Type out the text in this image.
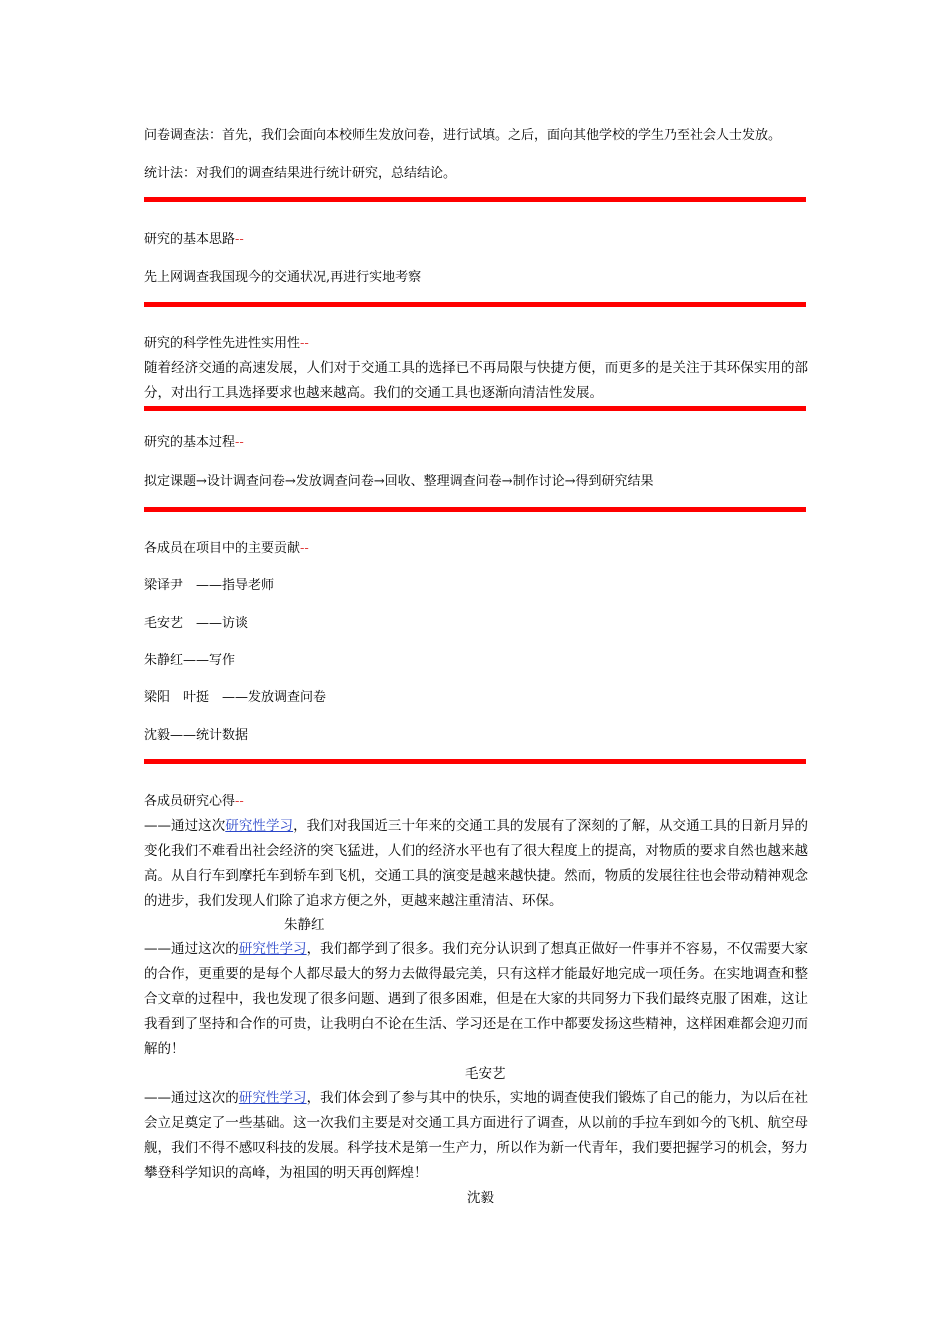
问卷调查法：首先，我们会面向本校师生发放问卷，进行试填。之后，面向其他学校的学生乃至社会人士发放。
统计法：对我们的调查结果进行统计研究，总结结论。
研究的基本思路--
先上网调查我国现今的交通状况,再进行实地考察
研究的科学性先进性实用性--
随着经济交通的高速发展，人们对于交通工具的选择已不再局限与快捷方便，而更多的是关注于其环保实用的部分，对出行工具选择要求也越来越高。我们的交通工具也逐渐向清洁性发展。
研究的基本过程--
拟定课题→设计调查问卷→发放调查问卷→回收、整理调查问卷→制作讨论→得到研究结果
各成员在项目中的主要贡献--
梁译尹　——指导老师
毛安艺　——访谈
朱静红——写作
梁阳　叶挺　——发放调查问卷
沈毅——统计数据
各成员研究心得--
——通过这次研究性学习，我们对我国近三十年来的交通工具的发展有了深刻的了解，从交通工具的日新月异的变化我们不难看出社会经济的突飞猛进，人们的经济水平也有了很大程度上的提高，对物质的要求自然也越来越高。从自行车到摩托车到轿车到飞机，交通工具的演变是越来越快捷。然而，物质的发展往往也会带动精神观念的进步，我们发现人们除了追求方便之外，更越来越注重清洁、环保。
朱静红
——通过这次的研究性学习，我们都学到了很多。我们充分认识到了想真正做好一件事并不容易，不仅需要大家的合作，更重要的是每个人都尽最大的努力去做得最完美，只有这样才能最好地完成一项任务。在实地调查和整合文章的过程中，我也发现了很多问题、遇到了很多困难，但是在大家的共同努力下我们最终克服了困难，这让我看到了坚持和合作的可贵，让我明白不论在生活、学习还是在工作中都要发扬这些精神，这样困难都会迎刃而解的！
毛安艺
——通过这次的研究性学习，我们体会到了参与其中的快乐，实地的调查使我们锻炼了自己的能力，为以后在社会立足奠定了一些基础。这一次我们主要是对交通工具方面进行了调查，从以前的手拉车到如今的飞机、航空母舰，我们不得不感叹科技的发展。科学技术是第一生产力，所以作为新一代青年，我们要把握学习的机会，努力攀登科学知识的高峰，为祖国的明天再创辉煌！
沈毅
